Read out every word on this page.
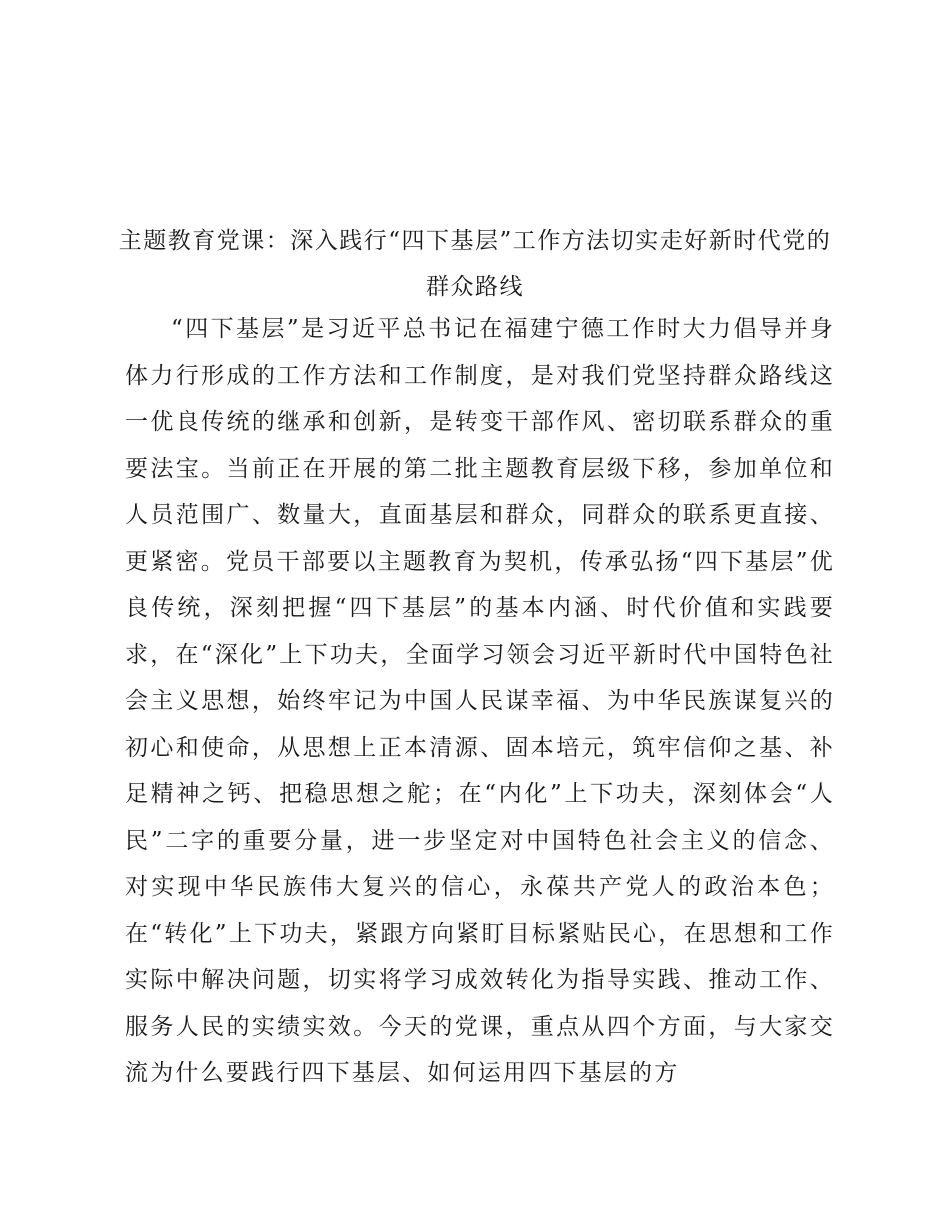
主题教育党课：深入践行“四下基层”工作方法切实走好新时代党的群众路线

“四下基层”是习近平总书记在福建宁德工作时大力倡导并身体力行形成的工作方法和工作制度，是对我们党坚持群众路线这一优良传统的继承和创新，是转变干部作风、密切联系群众的重要法宝。当前正在开展的第二批主题教育层级下移，参加单位和人员范围广、数量大，直面基层和群众，同群众的联系更直接、更紧密。党员干部要以主题教育为契机，传承弘扬“四下基层”优良传统，深刻把握“四下基层”的基本内涵、时代价值和实践要求，在“深化”上下功夫，全面学习领会习近平新时代中国特色社会主义思想，始终牢记为中国人民谋幸福、为中华民族谋复兴的初心和使命，从思想上正本清源、固本培元，筑牢信仰之基、补足精神之钙、把稳思想之舵；在“内化”上下功夫，深刻体会“人民”二字的重要分量，进一步坚定对中国特色社会主义的信念、对实现中华民族伟大复兴的信心，永葆共产党人的政治本色；在“转化”上下功夫，紧跟方向紧盯目标紧贴民心，在思想和工作实际中解决问题，切实将学习成效转化为指导实践、推动工作、服务人民的实绩实效。今天的党课，重点从四个方面，与大家交流为什么要践行四下基层、如何运用四下基层的方
